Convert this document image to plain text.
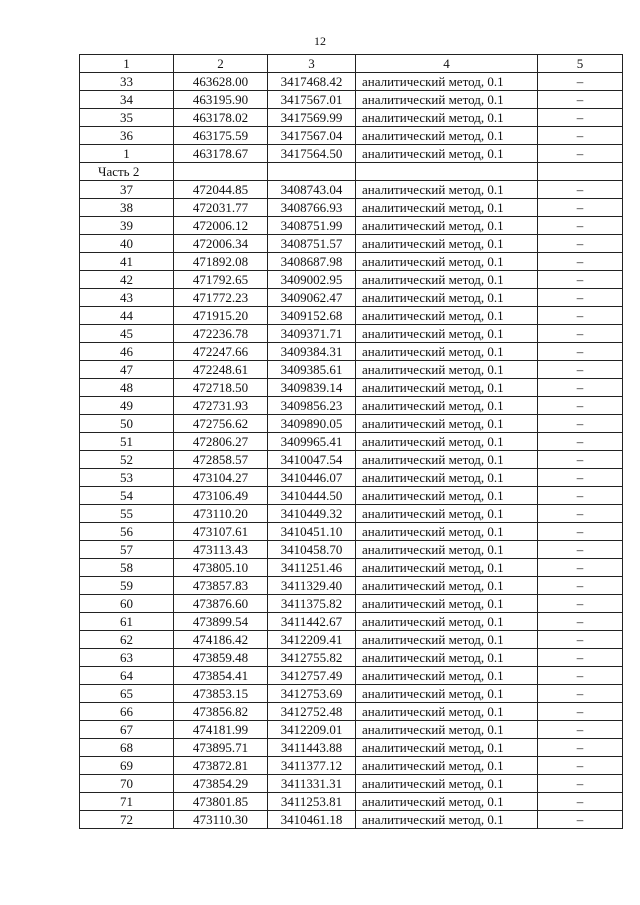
12
1	2	3	4	5
33	463628.00	3417468.42	аналитический метод, 0.1	–
34	463195.90	3417567.01	аналитический метод, 0.1	–
35	463178.02	3417569.99	аналитический метод, 0.1	–
36	463175.59	3417567.04	аналитический метод, 0.1	–
1	463178.67	3417564.50	аналитический метод, 0.1	–
Часть 2				
37	472044.85	3408743.04	аналитический метод, 0.1	–
38	472031.77	3408766.93	аналитический метод, 0.1	–
39	472006.12	3408751.99	аналитический метод, 0.1	–
40	472006.34	3408751.57	аналитический метод, 0.1	–
41	471892.08	3408687.98	аналитический метод, 0.1	–
42	471792.65	3409002.95	аналитический метод, 0.1	–
43	471772.23	3409062.47	аналитический метод, 0.1	–
44	471915.20	3409152.68	аналитический метод, 0.1	–
45	472236.78	3409371.71	аналитический метод, 0.1	–
46	472247.66	3409384.31	аналитический метод, 0.1	–
47	472248.61	3409385.61	аналитический метод, 0.1	–
48	472718.50	3409839.14	аналитический метод, 0.1	–
49	472731.93	3409856.23	аналитический метод, 0.1	–
50	472756.62	3409890.05	аналитический метод, 0.1	–
51	472806.27	3409965.41	аналитический метод, 0.1	–
52	472858.57	3410047.54	аналитический метод, 0.1	–
53	473104.27	3410446.07	аналитический метод, 0.1	–
54	473106.49	3410444.50	аналитический метод, 0.1	–
55	473110.20	3410449.32	аналитический метод, 0.1	–
56	473107.61	3410451.10	аналитический метод, 0.1	–
57	473113.43	3410458.70	аналитический метод, 0.1	–
58	473805.10	3411251.46	аналитический метод, 0.1	–
59	473857.83	3411329.40	аналитический метод, 0.1	–
60	473876.60	3411375.82	аналитический метод, 0.1	–
61	473899.54	3411442.67	аналитический метод, 0.1	–
62	474186.42	3412209.41	аналитический метод, 0.1	–
63	473859.48	3412755.82	аналитический метод, 0.1	–
64	473854.41	3412757.49	аналитический метод, 0.1	–
65	473853.15	3412753.69	аналитический метод, 0.1	–
66	473856.82	3412752.48	аналитический метод, 0.1	–
67	474181.99	3412209.01	аналитический метод, 0.1	–
68	473895.71	3411443.88	аналитический метод, 0.1	–
69	473872.81	3411377.12	аналитический метод, 0.1	–
70	473854.29	3411331.31	аналитический метод, 0.1	–
71	473801.85	3411253.81	аналитический метод, 0.1	–
72	473110.30	3410461.18	аналитический метод, 0.1	–
